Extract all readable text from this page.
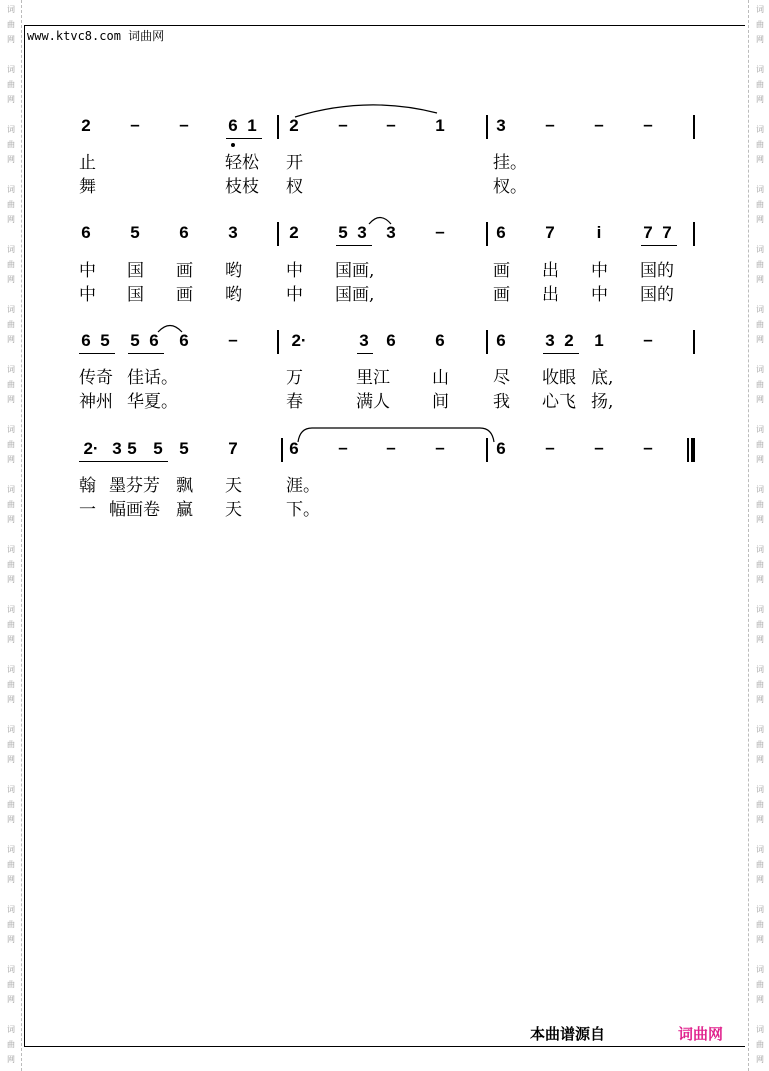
词
曲
网
词
曲
网
词
曲
网
词
曲
网
词
曲
网
词
曲
网
词
曲
网
词
曲
网
词
曲
网
词
曲
网
词
曲
网
词
曲
网
词
曲
网
词
曲
网
词
曲
网
词
曲
网
词
曲
网
词
曲
网
词
曲
网
词
曲
网
词
曲
网
词
曲
网
词
曲
网
词
曲
网
词
曲
网
词
曲
网
词
曲
网
词
曲
网
词
曲
网
词
曲
网
词
曲
网
词
曲
网
词
曲
网
词
曲
网
词
曲
网
词
曲
网
www.ktvc8.com 词曲网
2 – – 6 1 2 – – 1	3 – – –
止	轻松 开	挂。
舞	枝枝 杈	杈。
6 5 6 3	2 5 3 3 –	6 7	i	7 7
中 国 画 哟	中 国画,	画 出 中 国的
中 国 画 哟	中 国画,	画 出 中 国的
6 5 5 6 6 –	2·	3 6 6	6 3 2 1 –
传奇 佳话。	万	里江 山	尽 收眼 底,
神州 华夏。	春	满人 间	我 心飞 扬,
2· 3 5 5 5 7	6 – – –	6 – – –
翰 墨芬芳 飘 天	涯。
一 幅画卷 赢 天	下。
本曲谱源自	词曲网
